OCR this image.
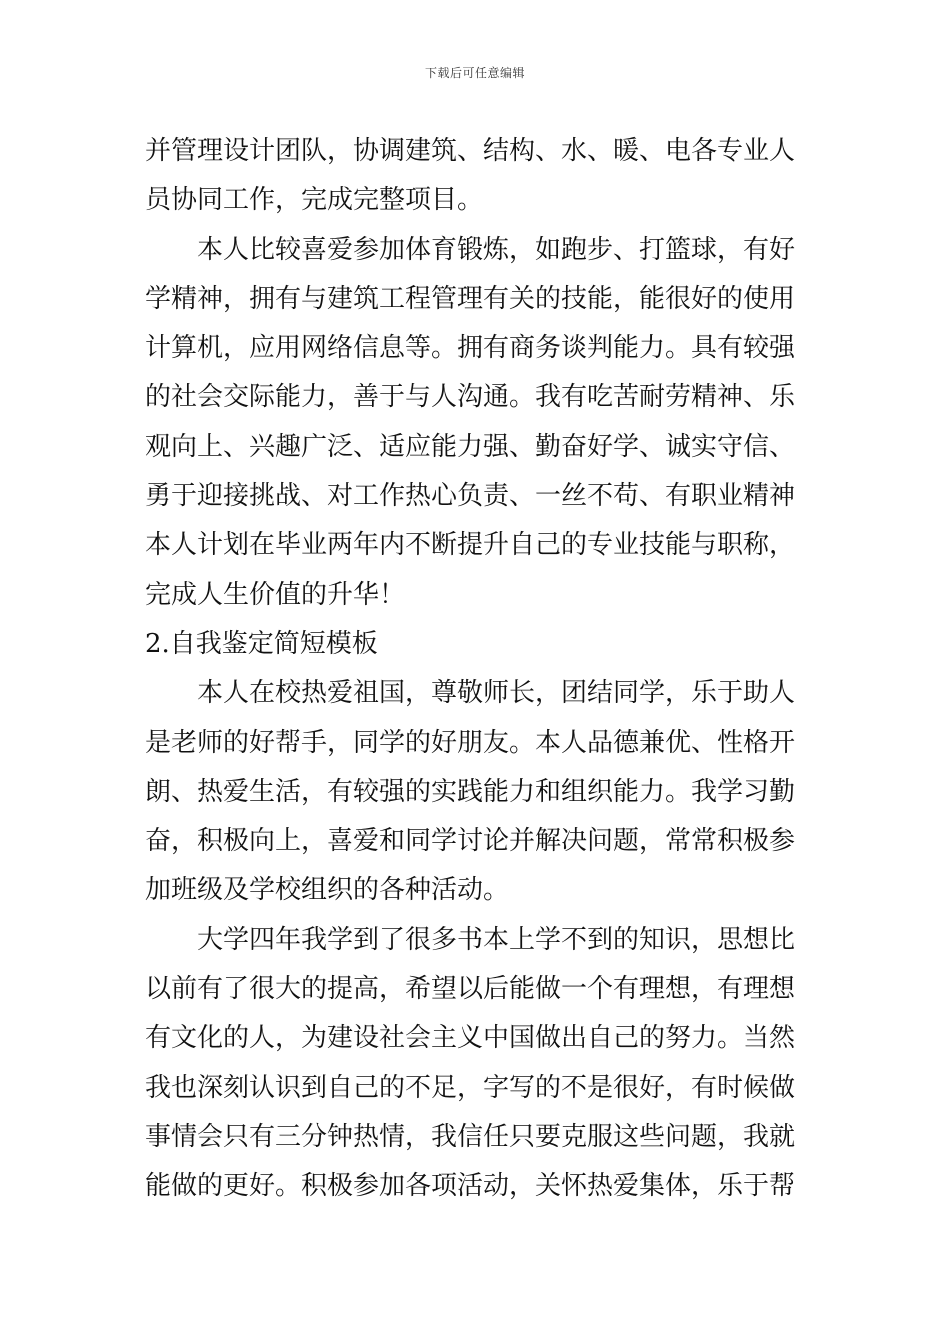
下载后可任意编辑
并管理设计团队，协调建筑、结构、水、暖、电各专业人
员协同工作，完成完整项目。
本人比较喜爱参加体育锻炼，如跑步、打篮球，有好
学精神，拥有与建筑工程管理有关的技能，能很好的使用
计算机，应用网络信息等。拥有商务谈判能力。具有较强
的社会交际能力，善于与人沟通。我有吃苦耐劳精神、乐
观向上、兴趣广泛、适应能力强、勤奋好学、诚实守信、
勇于迎接挑战、对工作热心负责、一丝不苟、有职业精神
本人计划在毕业两年内不断提升自己的专业技能与职称，
完成人生价值的升华！
2.自我鉴定简短模板
本人在校热爱祖国，尊敬师长，团结同学，乐于助人
是老师的好帮手，同学的好朋友。本人品德兼优、性格开
朗、热爱生活，有较强的实践能力和组织能力。我学习勤
奋，积极向上，喜爱和同学讨论并解决问题，常常积极参
加班级及学校组织的各种活动。
大学四年我学到了很多书本上学不到的知识，思想比
以前有了很大的提高，希望以后能做一个有理想，有理想
有文化的人，为建设社会主义中国做出自己的努力。当然
我也深刻认识到自己的不足，字写的不是很好，有时候做
事情会只有三分钟热情，我信任只要克服这些问题，我就
能做的更好。积极参加各项活动，关怀热爱集体，乐于帮
